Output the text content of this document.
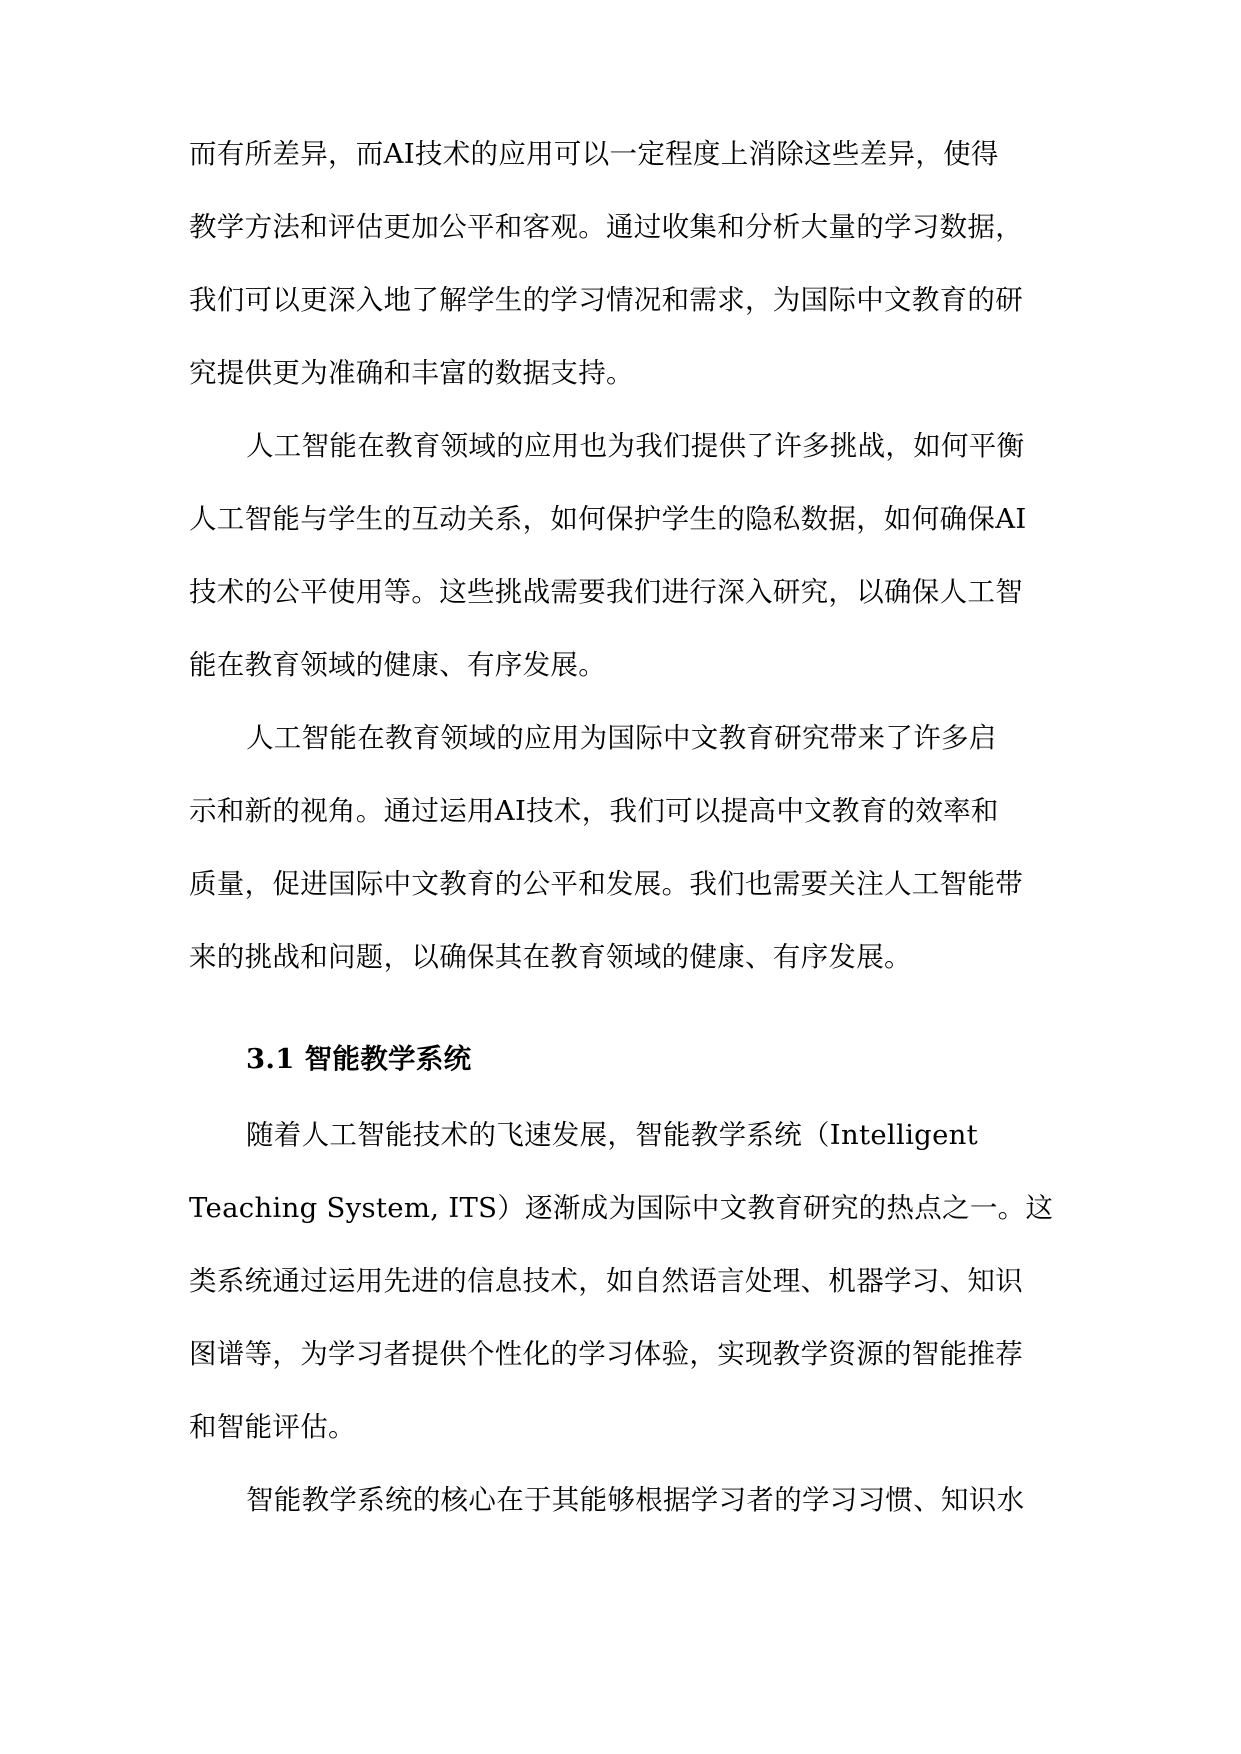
而有所差异，而AI技术的应用可以一定程度上消除这些差异，使得
教学方法和评估更加公平和客观。通过收集和分析大量的学习数据，
我们可以更深入地了解学生的学习情况和需求，为国际中文教育的研
究提供更为准确和丰富的数据支持。
人工智能在教育领域的应用也为我们提供了许多挑战，如何平衡
人工智能与学生的互动关系，如何保护学生的隐私数据，如何确保AI
技术的公平使用等。这些挑战需要我们进行深入研究，以确保人工智
能在教育领域的健康、有序发展。
人工智能在教育领域的应用为国际中文教育研究带来了许多启
示和新的视角。通过运用AI技术，我们可以提高中文教育的效率和
质量，促进国际中文教育的公平和发展。我们也需要关注人工智能带
来的挑战和问题，以确保其在教育领域的健康、有序发展。
3.1 智能教学系统
随着人工智能技术的飞速发展，智能教学系统（Intelligent
Teaching System, ITS）逐渐成为国际中文教育研究的热点之一。这
类系统通过运用先进的信息技术，如自然语言处理、机器学习、知识
图谱等，为学习者提供个性化的学习体验，实现教学资源的智能推荐
和智能评估。
智能教学系统的核心在于其能够根据学习者的学习习惯、知识水
